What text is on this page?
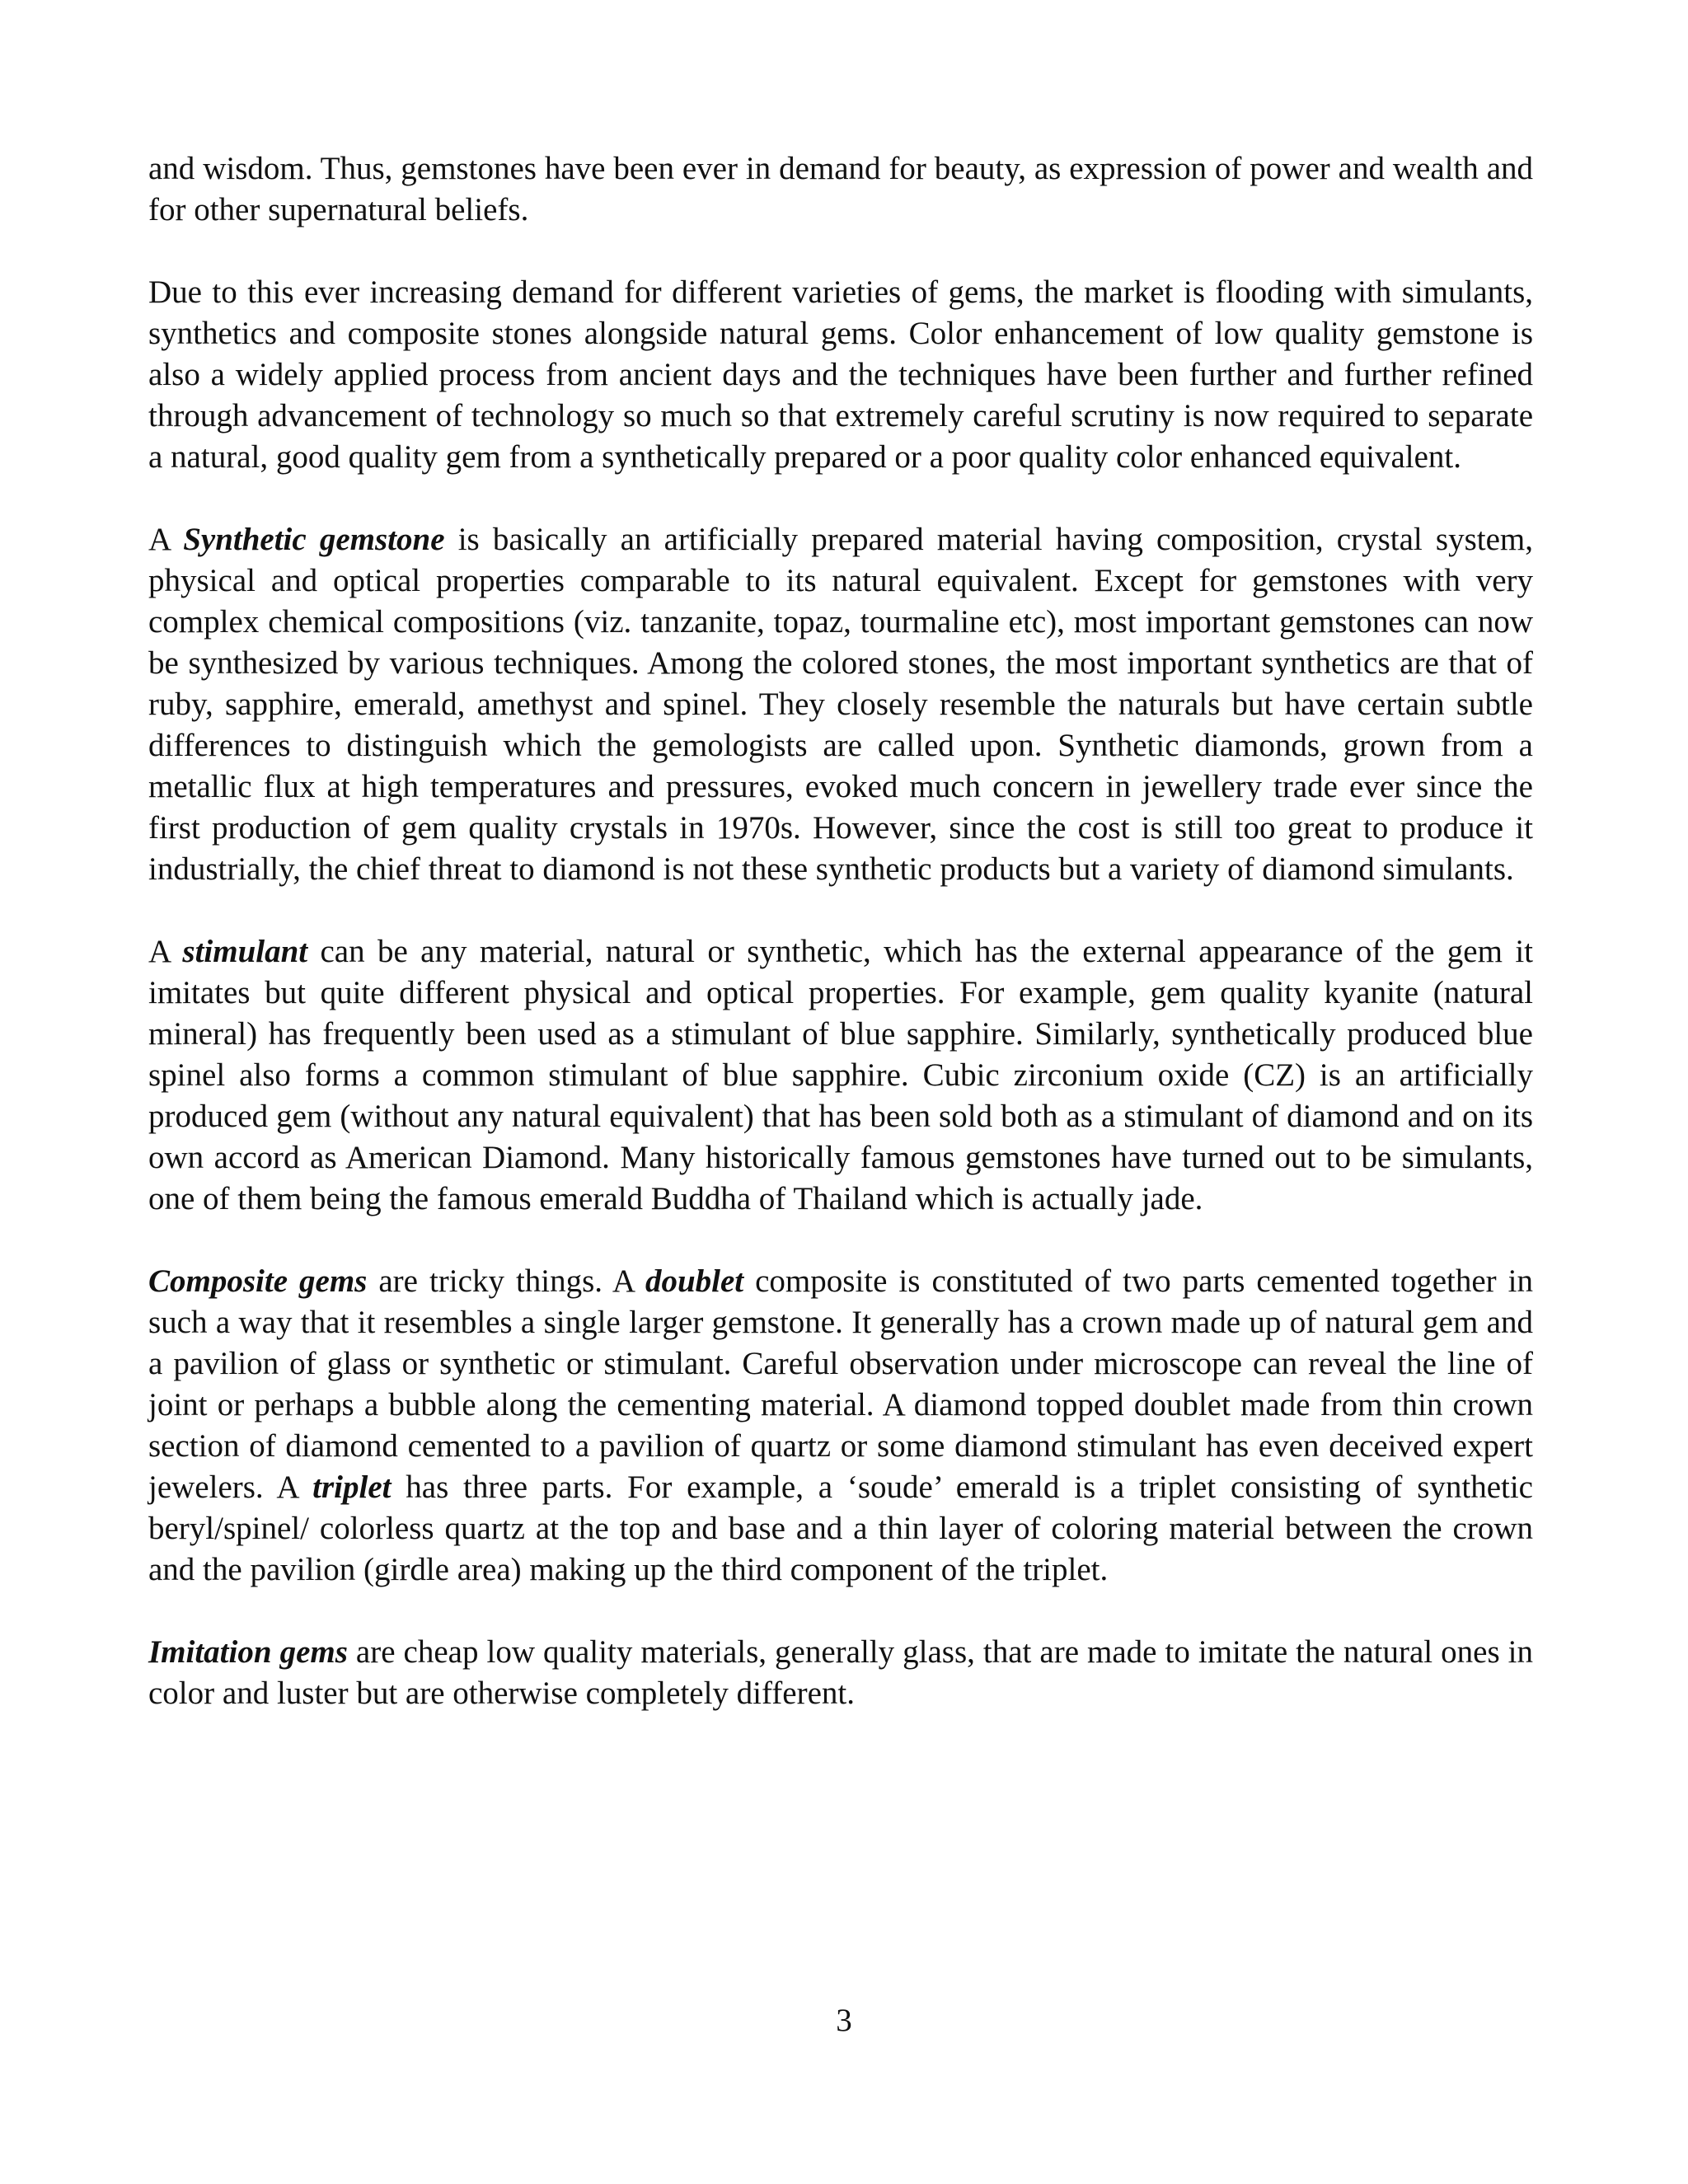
and wisdom. Thus, gemstones have been ever in demand for beauty, as expression of power and wealth and for other supernatural beliefs.

Due to this ever increasing demand for different varieties of gems, the market is flooding with simulants, synthetics and composite stones alongside natural gems. Color enhancement of low quality gemstone is also a widely applied process from ancient days and the techniques have been further and further refined through advancement of technology so much so that extremely careful scrutiny is now required to separate a natural, good quality gem from a synthetically prepared or a poor quality color enhanced equivalent.

A Synthetic gemstone is basically an artificially prepared material having composition, crystal system, physical and optical properties comparable to its natural equivalent. Except for gemstones with very complex chemical compositions (viz. tanzanite, topaz, tourmaline etc), most important gemstones can now be synthesized by various techniques. Among the colored stones, the most important synthetics are that of ruby, sapphire, emerald, amethyst and spinel. They closely resemble the naturals but have certain subtle differences to distinguish which the gemologists are called upon. Synthetic diamonds, grown from a metallic flux at high temperatures and pressures, evoked much concern in jewellery trade ever since the first production of gem quality crystals in 1970s. However, since the cost is still too great to produce it industrially, the chief threat to diamond is not these synthetic products but a variety of diamond simulants.

A stimulant can be any material, natural or synthetic, which has the external appearance of the gem it imitates but quite different physical and optical properties. For example, gem quality kyanite (natural mineral) has frequently been used as a stimulant of blue sapphire. Similarly, synthetically produced blue spinel also forms a common stimulant of blue sapphire. Cubic zirconium oxide (CZ) is an artificially produced gem (without any natural equivalent) that has been sold both as a stimulant of diamond and on its own accord as American Diamond. Many historically famous gemstones have turned out to be simulants, one of them being the famous emerald Buddha of Thailand which is actually jade.

Composite gems are tricky things. A doublet composite is constituted of two parts cemented together in such a way that it resembles a single larger gemstone. It generally has a crown made up of natural gem and a pavilion of glass or synthetic or stimulant. Careful observation under microscope can reveal the line of joint or perhaps a bubble along the cementing material. A diamond topped doublet made from thin crown section of diamond cemented to a pavilion of quartz or some diamond stimulant has even deceived expert jewelers. A triplet has three parts. For example, a ‘soude’ emerald is a triplet consisting of synthetic beryl/spinel/ colorless quartz at the top and base and a thin layer of coloring material between the crown and the pavilion (girdle area) making up the third component of the triplet.

Imitation gems are cheap low quality materials, generally glass, that are made to imitate the natural ones in color and luster but are otherwise completely different.

3
